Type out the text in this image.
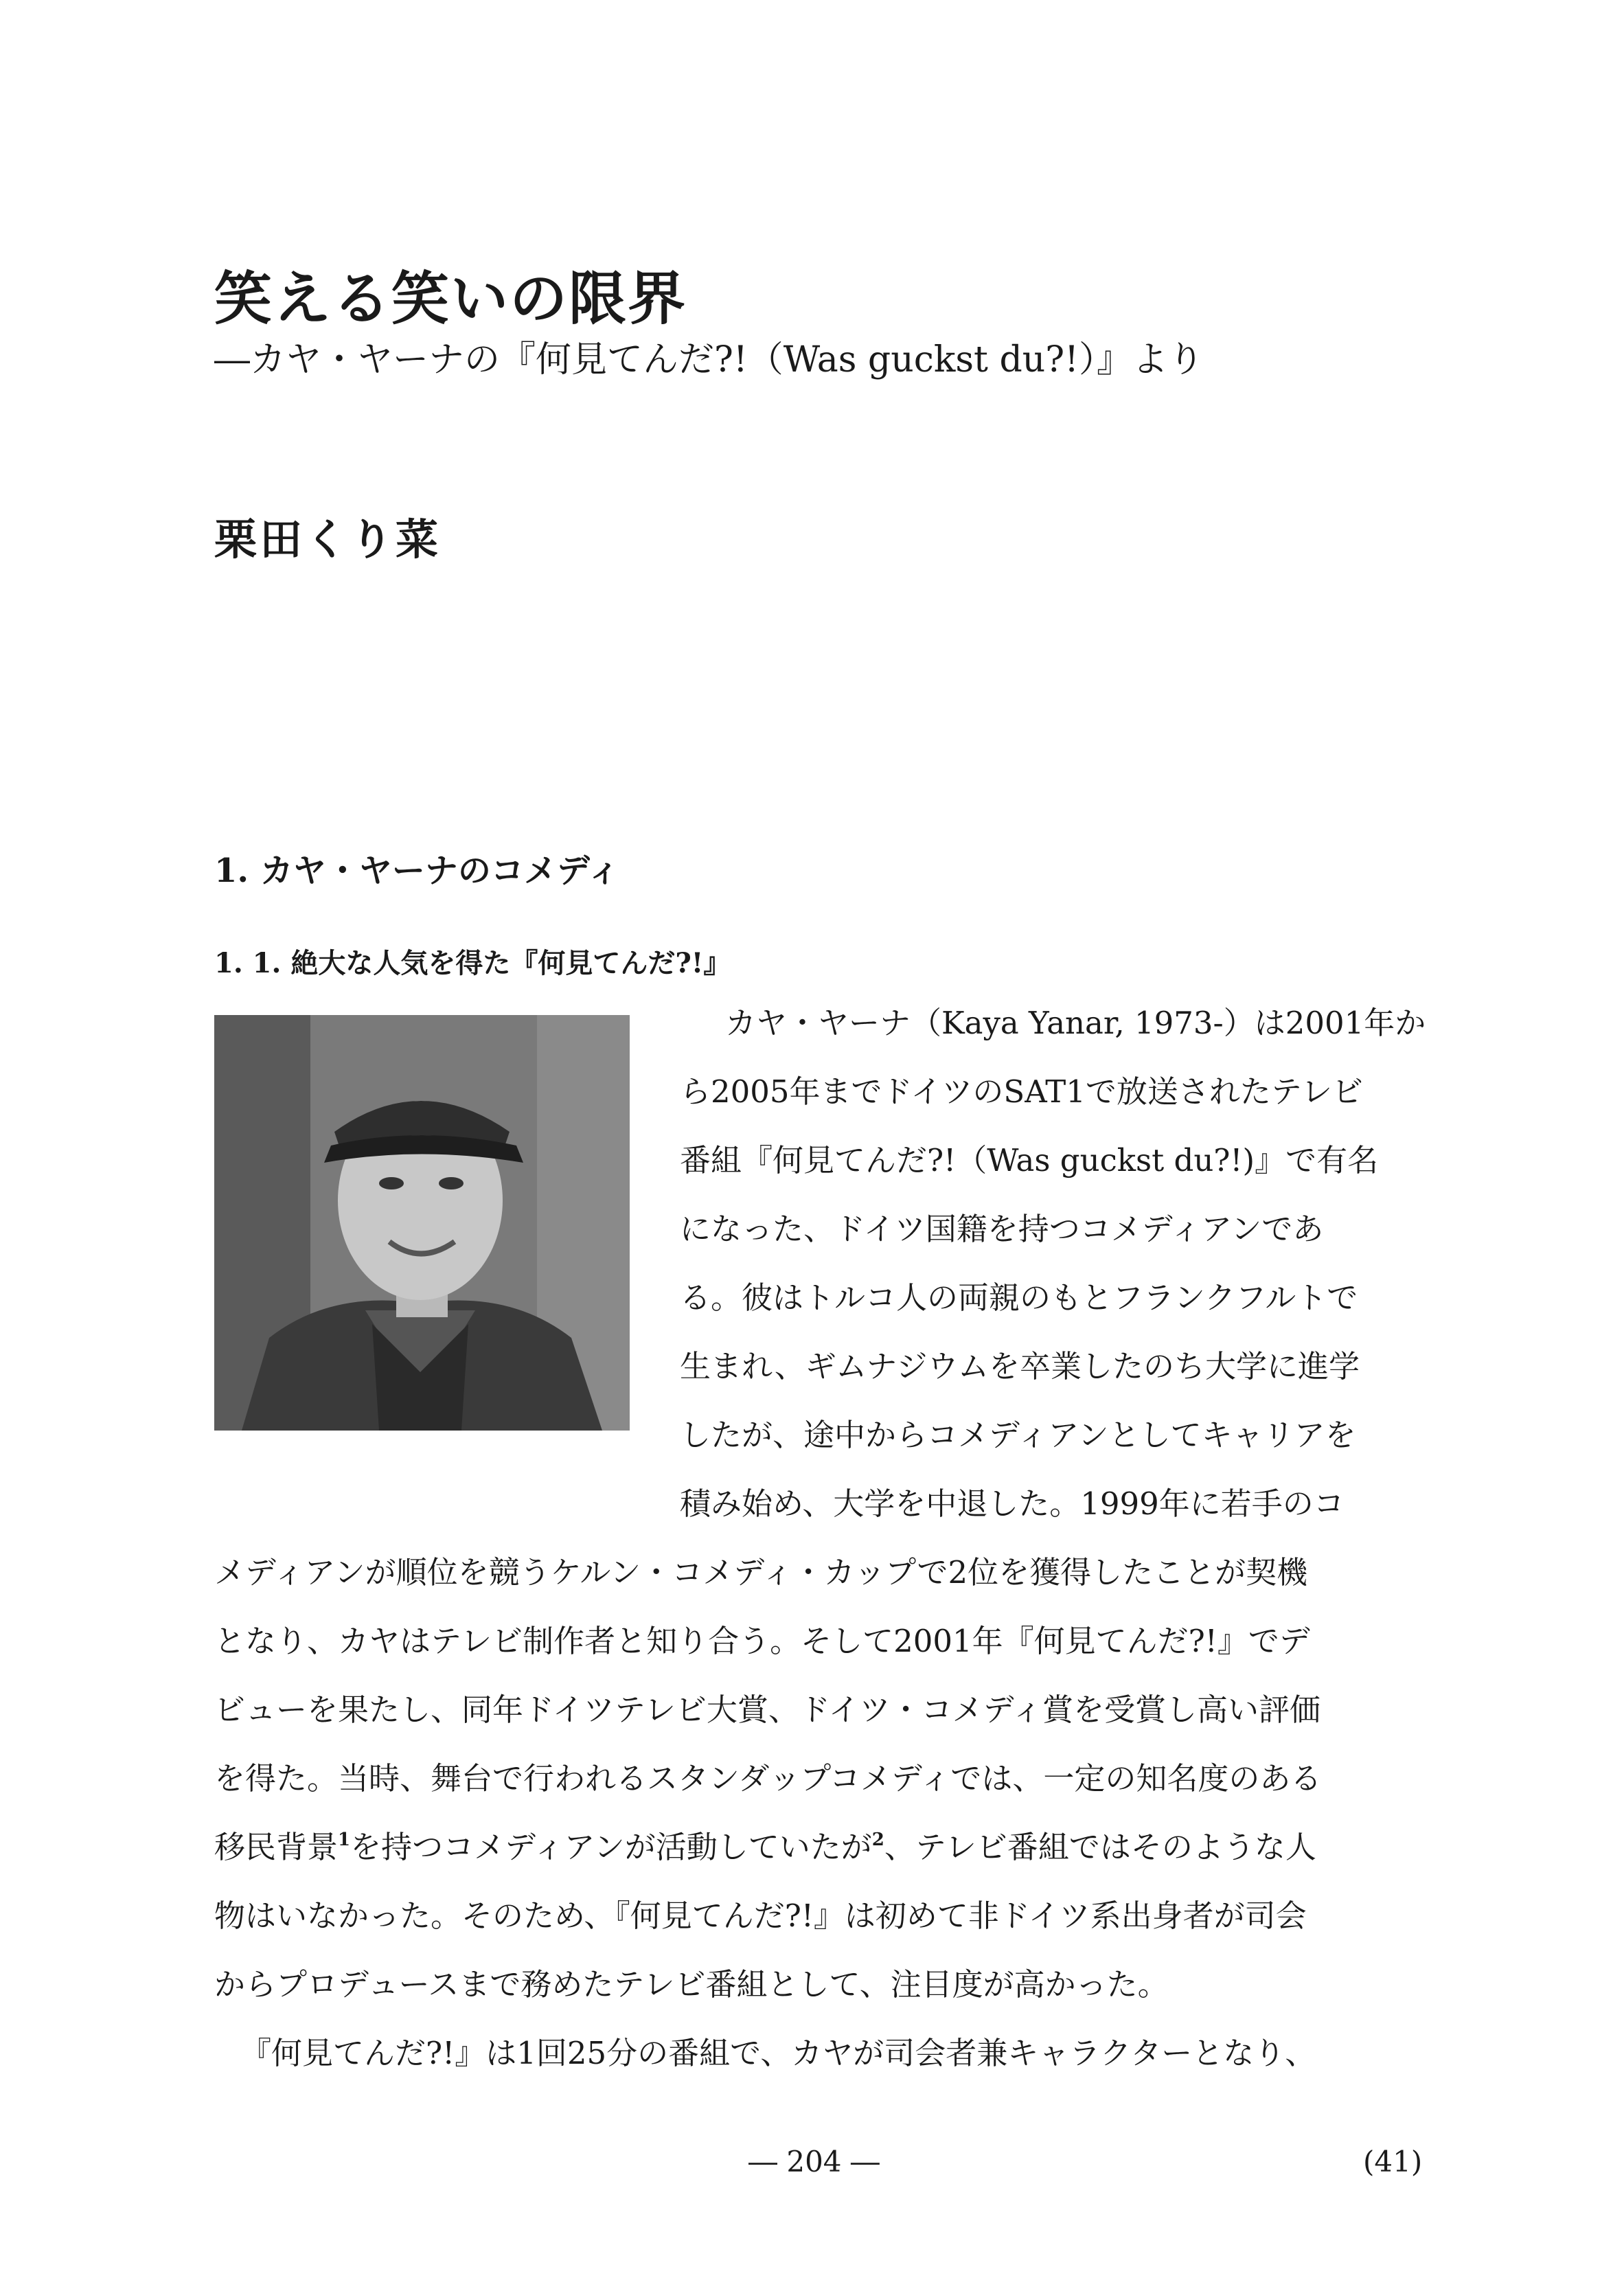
笑える笑いの限界
―カヤ・ヤーナの『何見てんだ?!（Was guckst du?!）』より
栗田くり菜
1. カヤ・ヤーナのコメディ
1. 1. 絶大な人気を得た『何見てんだ?!』
カヤ・ヤーナ（Kaya Yanar, 1973-）は2001年か
ら2005年までドイツのSAT1で放送されたテレビ
番組『何見てんだ?!（Was guckst du?!)』で有名
になった、ドイツ国籍を持つコメディアンであ
る。彼はトルコ人の両親のもとフランクフルトで
生まれ、ギムナジウムを卒業したのち大学に進学
したが、途中からコメディアンとしてキャリアを
積み始め、大学を中退した。1999年に若手のコ
メディアンが順位を競うケルン・コメディ・カップで2位を獲得したことが契機
となり、カヤはテレビ制作者と知り合う。そして2001年『何見てんだ?!』でデ
ビューを果たし、同年ドイツテレビ大賞、ドイツ・コメディ賞を受賞し高い評価
を得た。当時、舞台で行われるスタンダップコメディでは、一定の知名度のある
移民背景$^1$を持つコメディアンが活動していたが$^2$、テレビ番組ではそのような人
物はいなかった。そのため、『何見てんだ?!』は初めて非ドイツ系出身者が司会
からプロデュースまで務めたテレビ番組として、注目度が高かった。
『何見てんだ?!』は1回25分の番組で、カヤが司会者兼キャラクターとなり、
― 204 ―	(41)
